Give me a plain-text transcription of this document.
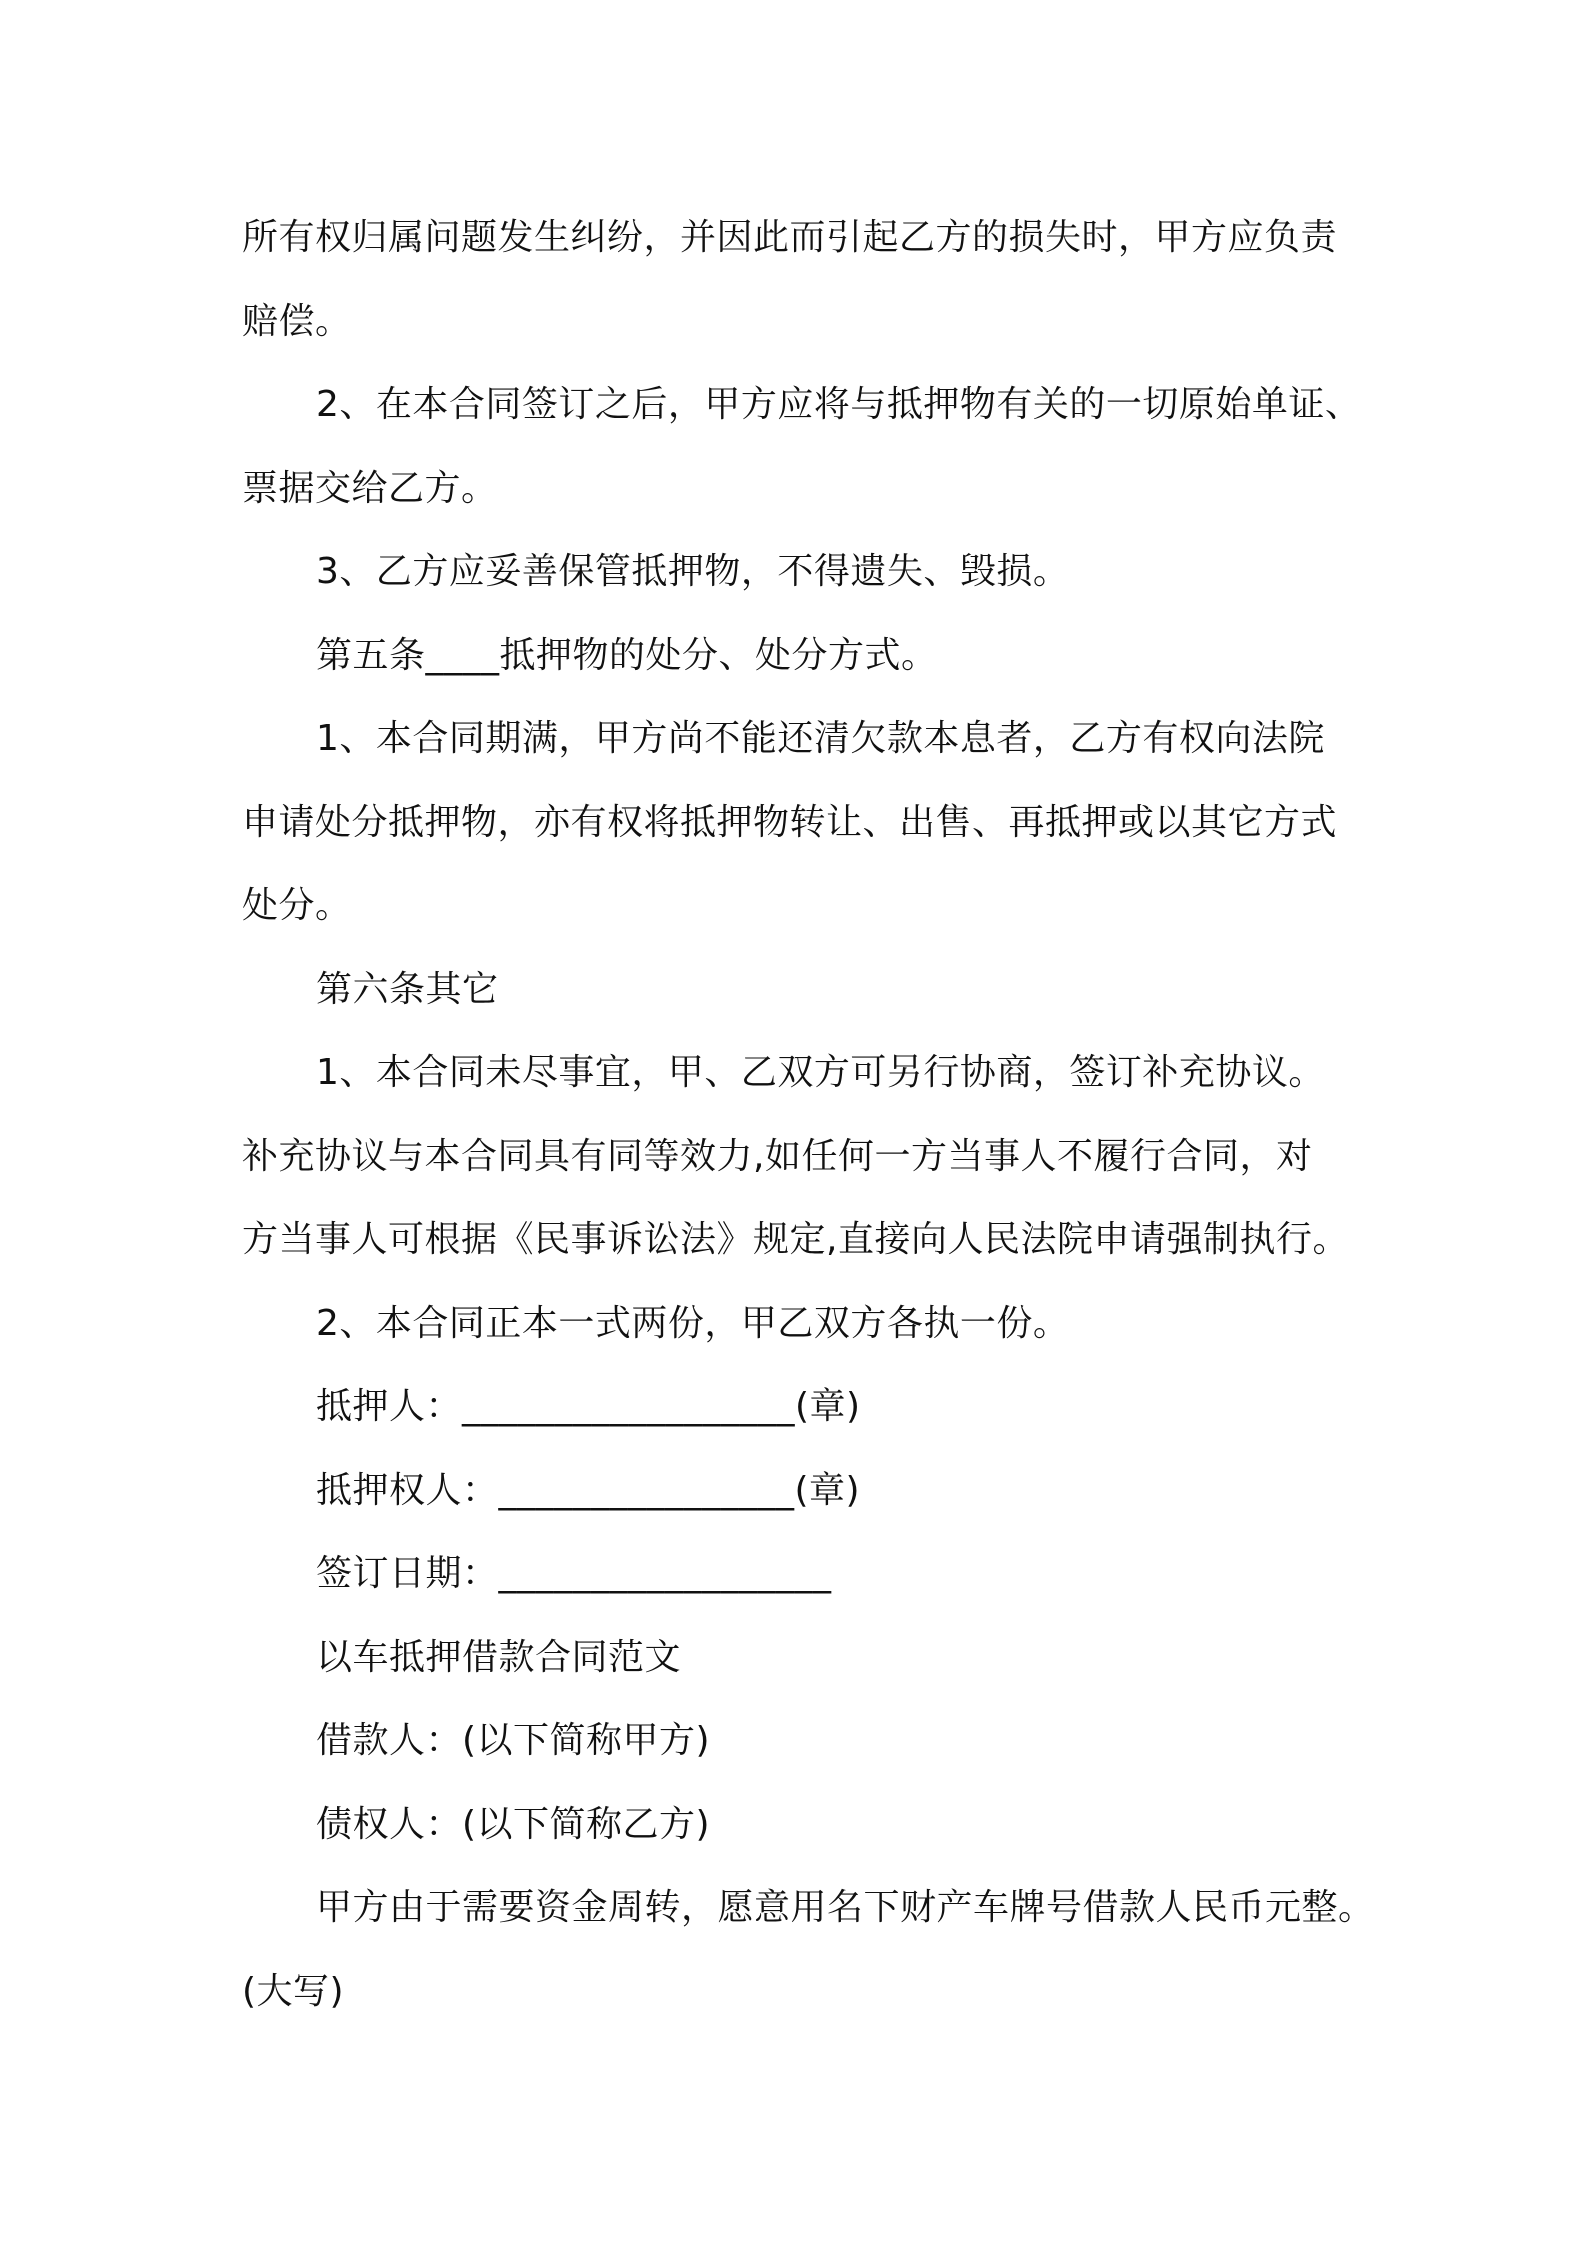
所有权归属问题发生纠纷，并因此而引起乙方的损失时，甲方应负责
赔偿。
2、在本合同签订之后，甲方应将与抵押物有关的一切原始单证、
票据交给乙方。
3、乙方应妥善保管抵押物，不得遗失、毁损。
第五条____抵押物的处分、处分方式。
1、本合同期满，甲方尚不能还清欠款本息者，乙方有权向法院
申请处分抵押物，亦有权将抵押物转让、出售、再抵押或以其它方式
处分。
第六条其它
1、本合同未尽事宜，甲、乙双方可另行协商，签订补充协议。
补充协议与本合同具有同等效力,如任何一方当事人不履行合同，对
方当事人可根据《民事诉讼法》规定,直接向人民法院申请强制执行。
2、本合同正本一式两份，甲乙双方各执一份。
抵押人：__________________(章)
抵押权人：________________(章)
签订日期：__________________
以车抵押借款合同范文
借款人：(以下简称甲方)
债权人：(以下简称乙方)
甲方由于需要资金周转，愿意用名下财产车牌号借款人民币元整。
(大写)
